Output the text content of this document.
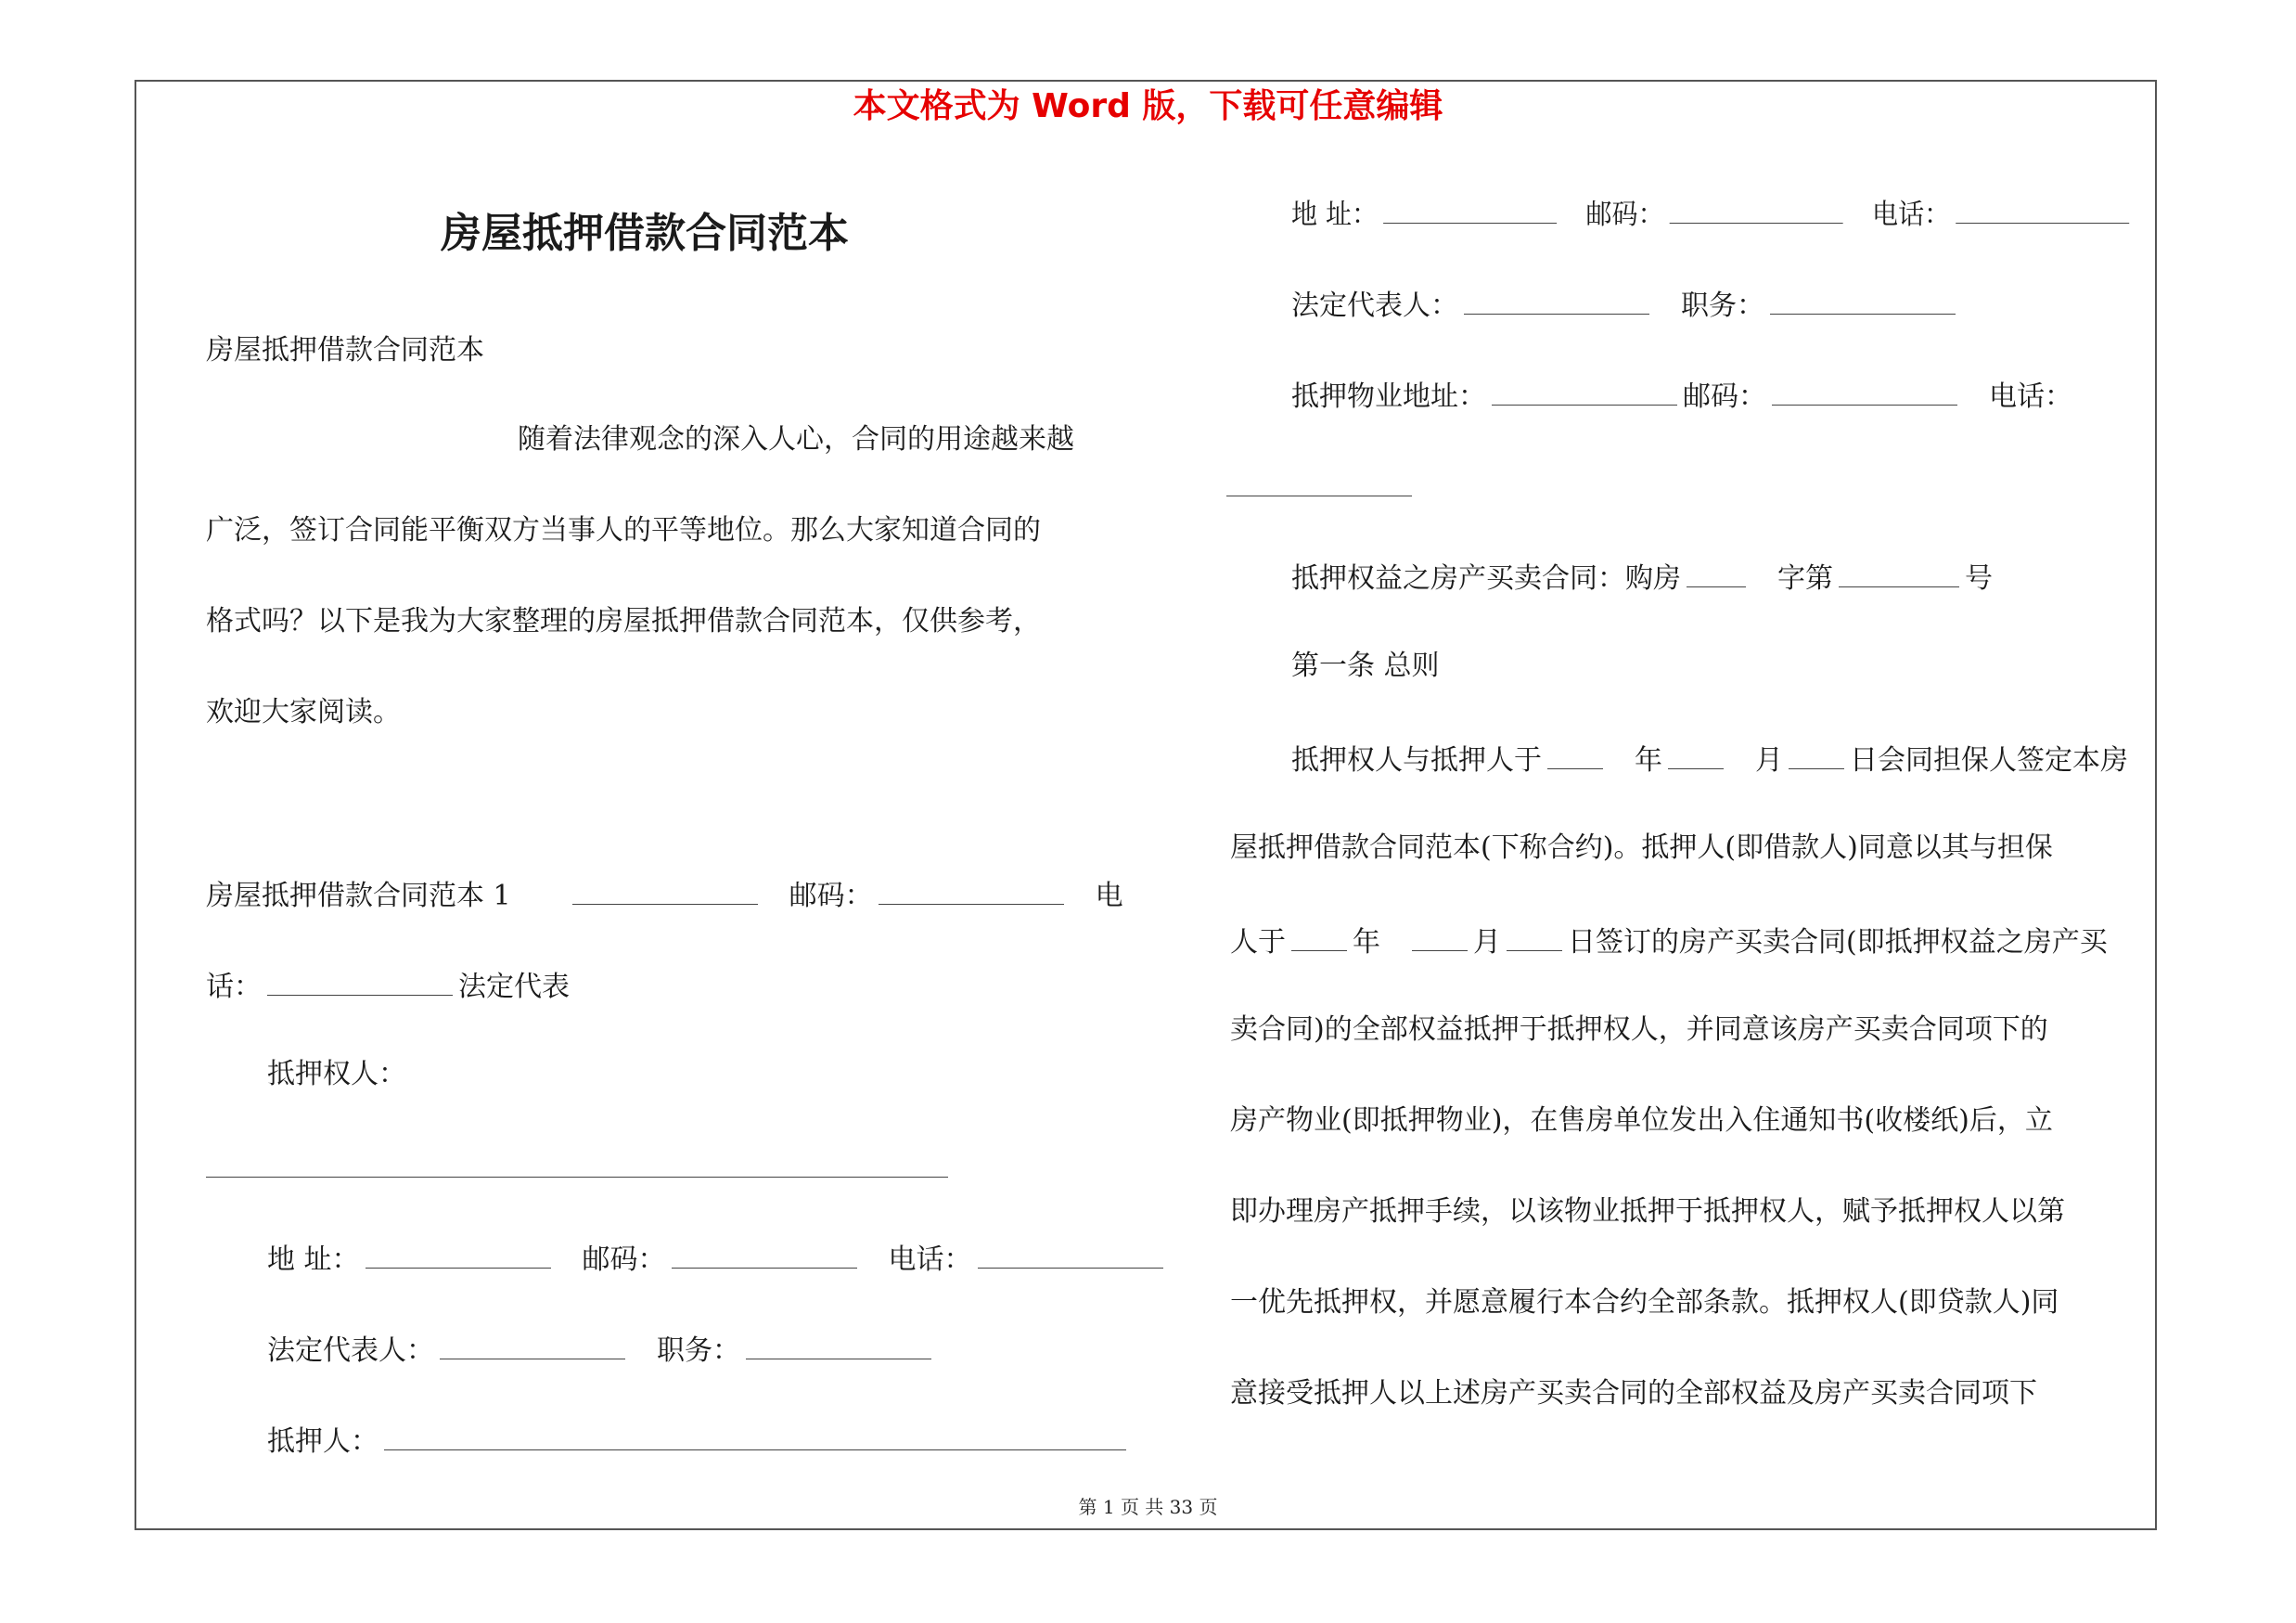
本文格式为 Word 版，下载可任意编辑
房屋抵押借款合同范本
房屋抵押借款合同范本
随着法律观念的深入人心，合同的用途越来越
广泛，签订合同能平衡双方当事人的平等地位。那么大家知道合同的
格式吗？以下是我为大家整理的房屋抵押借款合同范本，仅供参考，
欢迎大家阅读。
房屋抵押借款合同范本 1	邮码：	电
话：	法定代表
抵押权人：
地 址：	邮码：	电话：
法定代表人：	职务：
抵押人：
地 址：	邮码：	电话：
法定代表人：	职务：
抵押物业地址：	邮码：	电话：
抵押权益之房产买卖合同：购房	字第	号
第一条 总则
抵押权人与抵押人于	年	月 日会同担保人签定本房
屋抵押借款合同范本(下称合约)。抵押人(即借款人)同意以其与担保
人于 年	月 日签订的房产买卖合同(即抵押权益之房产买
卖合同)的全部权益抵押于抵押权人，并同意该房产买卖合同项下的
房产物业(即抵押物业)，在售房单位发出入住通知书(收楼纸)后，立
即办理房产抵押手续，以该物业抵押于抵押权人，赋予抵押权人以第
一优先抵押权，并愿意履行本合约全部条款。抵押权人(即贷款人)同
意接受抵押人以上述房产买卖合同的全部权益及房产买卖合同项下
第 1 页 共 33 页
